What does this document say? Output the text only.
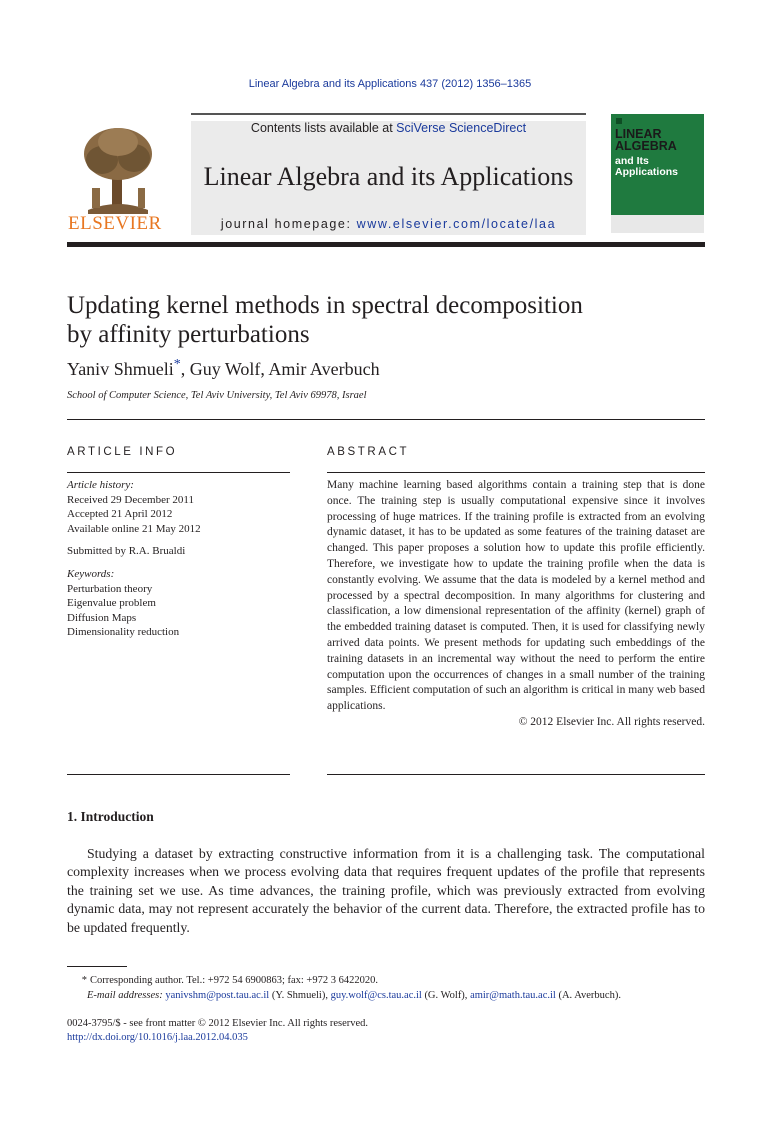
Linear Algebra and its Applications 437 (2012) 1356–1365
ELSEVIER
Contents lists available at SciVerse ScienceDirect
Linear Algebra and its Applications
journal homepage: www.elsevier.com/locate/laa
LINEAR
ALGEBRA
and Its
Applications
Updating kernel methods in spectral decomposition
by affinity perturbations
Yaniv Shmueli*, Guy Wolf, Amir Averbuch
School of Computer Science, Tel Aviv University, Tel Aviv 69978, Israel
ARTICLE INFO
Article history:
Received 29 December 2011
Accepted 21 April 2012
Available online 21 May 2012
Submitted by R.A. Brualdi
Keywords:
Perturbation theory
Eigenvalue problem
Diffusion Maps
Dimensionality reduction
ABSTRACT
Many machine learning based algorithms contain a training step that is done once. The training step is usually computational expensive since it involves processing of huge matrices. If the training profile is extracted from an evolving dynamic dataset, it has to be updated as some features of the training dataset are changed. This paper proposes a solution how to update this profile efficiently. Therefore, we investigate how to update the training profile when the data is constantly evolving. We assume that the data is modeled by a kernel method and processed by a spectral decomposition. In many algorithms for clustering and classification, a low dimensional representation of the affinity (kernel) graph of the embedded training dataset is computed. Then, it is used for classifying newly arrived data points. We present methods for updating such embeddings of the training datasets in an incremental way without the need to perform the entire computation upon the occurrences of changes in a small number of the training samples. Efficient computation of such an algorithm is critical in many web based applications.
© 2012 Elsevier Inc. All rights reserved.
1. Introduction
Studying a dataset by extracting constructive information from it is a challenging task. The computational complexity increases when we process evolving data that requires frequent updates of the profile that represents the training set we use. As time advances, the training profile, which was previously extracted from evolving dynamic data, may not represent accurately the behavior of the current data. Therefore, the extracted profile has to be updated frequently.
* Corresponding author. Tel.: +972 54 6900863; fax: +972 3 6422020.
E-mail addresses: yanivshm@post.tau.ac.il (Y. Shmueli), guy.wolf@cs.tau.ac.il (G. Wolf), amir@math.tau.ac.il (A. Averbuch).
0024-3795/$ - see front matter © 2012 Elsevier Inc. All rights reserved.
http://dx.doi.org/10.1016/j.laa.2012.04.035
